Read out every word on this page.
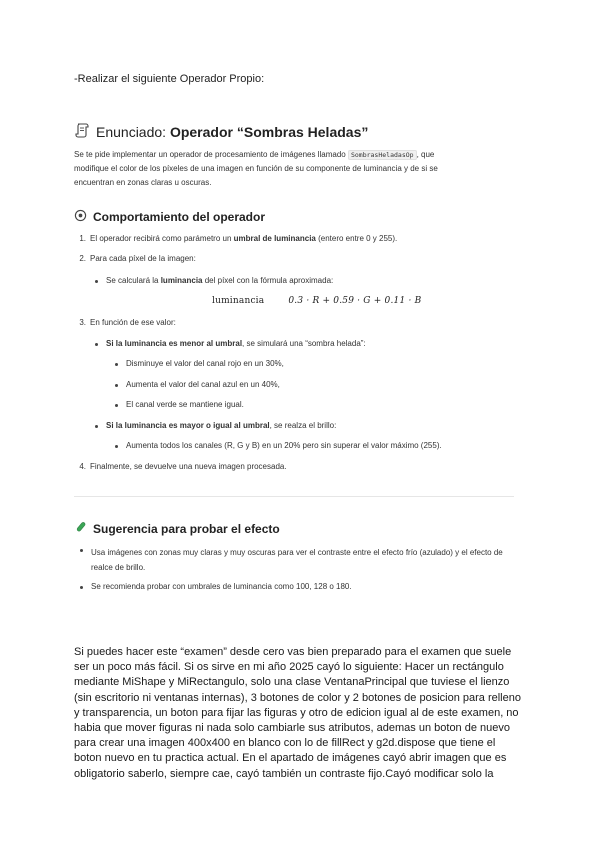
-Realizar el siguiente Operador Propio:
Enunciado: Operador “Sombras Heladas”
Se te pide implementar un operador de procesamiento de imágenes llamado SombrasHeladasOp , que
modifique el color de los píxeles de una imagen en función de su componente de luminancia y de si se
encuentran en zonas claras u oscuras.
Comportamiento del operador
1. El operador recibirá como parámetro un umbral de luminancia (entero entre 0 y 255).
2. Para cada píxel de la imagen:
Se calculará la luminancia del píxel con la fórmula aproximada:
luminancia	0.3 · R + 0.59 · G + 0.11 · B
3. En función de ese valor:
Si la luminancia es menor al umbral, se simulará una “sombra helada”:
Disminuye el valor del canal rojo en un 30%,
Aumenta el valor del canal azul en un 40%,
El canal verde se mantiene igual.
Si la luminancia es mayor o igual al umbral, se realza el brillo:
Aumenta todos los canales (R, G y B) en un 20% pero sin superar el valor máximo (255).
4. Finalmente, se devuelve una nueva imagen procesada.
Sugerencia para probar el efecto
Usa imágenes con zonas muy claras y muy oscuras para ver el contraste entre el efecto frío (azulado) y el efecto de realce de brillo.
Se recomienda probar con umbrales de luminancia como 100, 128 o 180.
Si puedes hacer este “examen” desde cero vas bien preparado para el examen que suele
ser un poco más fácil. Si os sirve en mi año 2025 cayó lo siguiente: Hacer un rectángulo
mediante MiShape y MiRectangulo, solo una clase VentanaPrincipal que tuviese el lienzo
(sin escritorio ni ventanas internas), 3 botones de color y 2 botones de posicion para relleno
y transparencia, un boton para fijar las figuras y otro de edicion igual al de este examen, no
habia que mover figuras ni nada solo cambiarle sus atributos, ademas un boton de nuevo
para crear una imagen 400x400 en blanco con lo de fillRect y g2d.dispose que tiene el
boton nuevo en tu practica actual. En el apartado de imágenes cayó abrir imagen que es
obligatorio saberlo, siempre cae, cayó también un contraste fijo.Cayó modificar solo la
